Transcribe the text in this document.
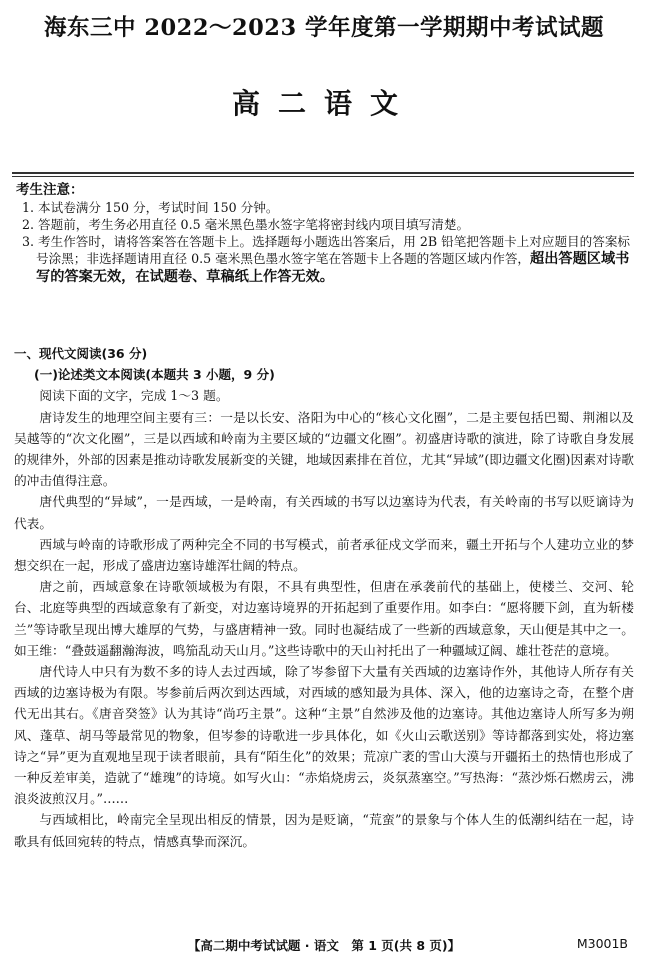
海东三中 2022～2023 学年度第一学期期中考试试题
高二语文
考生注意：
1. 本试卷满分 150 分，考试时间 150 分钟。
2. 答题前，考生务必用直径 0.5 毫米黑色墨水签字笔将密封线内项目填写清楚。
3. 考生作答时，请将答案答在答题卡上。选择题每小题选出答案后，用 2B 铅笔把答题卡上对应题目的答案标号涂黑；非选择题请用直径 0.5 毫米黑色墨水签字笔在答题卡上各题的答题区域内作答，超出答题区域书写的答案无效，在试题卷、草稿纸上作答无效。
一、现代文阅读(36 分)
(一)论述类文本阅读(本题共 3 小题，9 分)

阅读下面的文字，完成 1～3 题。

唐诗发生的地理空间主要有三：一是以长安、洛阳为中心的“核心文化圈”，二是主要包括巴蜀、荆湘以及吴越等的“次文化圈”，三是以西域和岭南为主要区域的“边疆文化圈”。初盛唐诗歌的演进，除了诗歌自身发展的规律外，外部的因素是推动诗歌发展新变的关键，地域因素排在首位，尤其“异域”(即边疆文化圈)因素对诗歌的冲击值得注意。

唐代典型的“异域”，一是西域，一是岭南，有关西域的书写以边塞诗为代表，有关岭南的书写以贬谪诗为代表。

西域与岭南的诗歌形成了两种完全不同的书写模式，前者承征戍文学而来，疆土开拓与个人建功立业的梦想交织在一起，形成了盛唐边塞诗雄浑壮阔的特点。

唐之前，西域意象在诗歌领域极为有限，不具有典型性，但唐在承袭前代的基础上，使楼兰、交河、轮台、北庭等典型的西域意象有了新变，对边塞诗境界的开拓起到了重要作用。如李白：“愿将腰下剑，直为斩楼兰”等诗歌呈现出博大雄厚的气势，与盛唐精神一致。同时也凝结成了一些新的西域意象，天山便是其中之一。如王维：“叠鼓遥翻瀚海波，鸣笳乱动天山月。”这些诗歌中的天山衬托出了一种疆域辽阔、雄壮苍茫的意境。

唐代诗人中只有为数不多的诗人去过西域，除了岑参留下大量有关西域的边塞诗作外，其他诗人所存有关西域的边塞诗极为有限。岑参前后两次到达西域，对西域的感知最为具体、深入，他的边塞诗之奇，在整个唐代无出其右。《唐音癸签》认为其诗“尚巧主景”。这种“主景”自然涉及他的边塞诗。其他边塞诗人所写多为朔风、蓬草、胡马等最常见的物象，但岑参的诗歌进一步具体化，如《火山云歌送别》等诗都落到实处，将边塞诗之“异”更为直观地呈现于读者眼前，具有“陌生化”的效果；荒凉广袤的雪山大漠与开疆拓土的热情也形成了一种反差审美，造就了“雄瑰”的诗境。如写火山：“赤焰烧虏云，炎氛蒸塞空。”写热海：“蒸沙烁石燃虏云，沸浪炎波煎汉月。”……

与西域相比，岭南完全呈现出相反的情景，因为是贬谪，“荒蛮”的景象与个体人生的低潮纠结在一起，诗歌具有低回宛转的特点，情感真挚而深沉。

【高二期中考试试题 · 语文　第 1 页(共 8 页)】	M3001B
